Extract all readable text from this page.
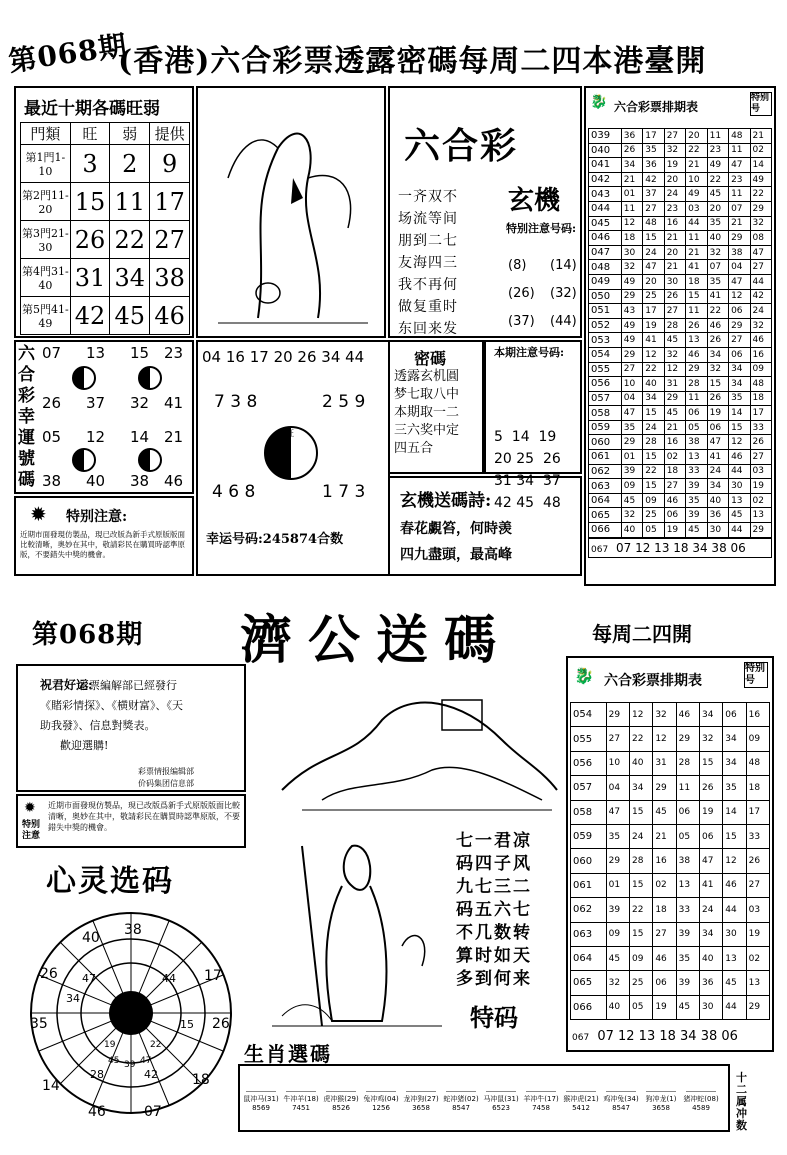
第068期
(香港)六合彩票透露密碼每周二四本港臺開
最近十期各碼旺弱
門類	旺	弱	提供
第1門1-10	3	2	9
第2門11-20	15	11	17
第3門21-30	26	22	27
第4門31-40	31	34	38
第5門41-49	42	45	46
六
合
彩
幸
運
號
碼
07 13 15 23
26 37 32 41
05 12 14 21
38 40 38 46
✹ 特别注意:
近期市面發現仿製品，現已改版為新手式原版版面比較清晰，奧妙在其中，敬請彩民在購買時認準原版，不要錯失中獎的機會。
04 16 17 20 26 34 44
7 3 8	2 5 9
旺
弱
4 6 8	1 7 3
幸运号码:245874合数
六合彩
玄機
一齐双不
场流等间
朋到二七
友海四三
我不再何
做复重时
东回来发
特别注意号码:
(8) (14)
(26) (32)
(37) (44)
密碼
透露玄机圓
梦七取八中
本期取一二
三六奖中定
四五合
本期注意号码:

5  14  19
20 25  26
31 34  37
42 45  48

玄機送碼詩:
春花覷笞，何時羡
四九盡頭，最高峰
🐉 六合彩票排期表
特别号
039	36	17	27	20	11	48	21
040	26	35	32	22	23	11	02
041	34	36	19	21	49	47	14
042	21	42	20	10	22	23	49
043	01	37	24	49	45	11	22
044	11	27	23	03	20	07	29
045	12	48	16	44	35	21	32
046	18	15	21	11	40	29	08
047	30	24	20	21	32	38	47
048	32	47	21	41	07	04	27
049	49	20	30	18	35	47	44
050	29	25	26	15	41	12	42
051	43	17	27	11	22	06	24
052	49	19	28	26	46	29	32
053	49	41	45	13	26	27	46
054	29	12	32	46	34	06	16
055	27	22	12	29	32	34	09
056	10	40	31	28	15	34	48
057	04	34	29	11	26	35	18
058	47	15	45	06	19	14	17
059	35	24	21	05	06	15	33
060	29	28	16	38	47	12	26
061	01	15	02	13	41	46	27
062	39	22	18	33	24	44	03
063	09	15	27	39	34	30	19
064	45	09	46	35	40	13	02
065	32	25	06	39	36	45	13
066	40	05	19	45	30	44	29
067 07 12 13 18 34 38 06
第068期 濟公送碼	每周二四開
祝君好运:
彩票編解部已經發行
《賭彩情探》、《横财富》、《天
助我發》、信息對獎表。
歡迎選購!
彩票情报编辑部
价码集团信息部
✹
特别注意
近期市面發現仿製品，現已改版爲新手式原版版面比較清晰，奥妙在其中，敬請彩民在購買時認準原版，不要錯失中獎的機會。
心灵选码
38
17
26
18
07
46
14
35
26
40
47	44
15
34
42
28
19
45 39 47
22
七一君凉
码四子风
九七三二
码五六七
不几数转
算时如天
多到何来
特码
🐉 六合彩票排期表
特别号
054	29	12	32	46	34	06	16
055	27	22	12	29	32	34	09
056	10	40	31	28	15	34	48
057	04	34	29	11	26	35	18
058	47	15	45	06	19	14	17
059	35	24	21	05	06	15	33
060	29	28	16	38	47	12	26
061	01	15	02	13	41	46	27
062	39	22	18	33	24	44	03
063	09	15	27	39	34	30	19
064	45	09	46	35	40	13	02
065	32	25	06	39	36	45	13
066	40	05	19	45	30	44	29
067 07 12 13 18 34 38 06
生肖選碼
鼠冲马(31)
8569
牛冲羊(18)
7451
虎冲猴(29)
8526
兔冲鸡(04)
1256
龙冲狗(27)
3658
蛇冲猪(02)
8547
马冲鼠(31)
6523
羊冲牛(17)
7458
猴冲虎(21)
5412
鸡冲兔(34)
8547
狗冲龙(1)
3658
猪冲蛇(08)
4589
十二属冲数
